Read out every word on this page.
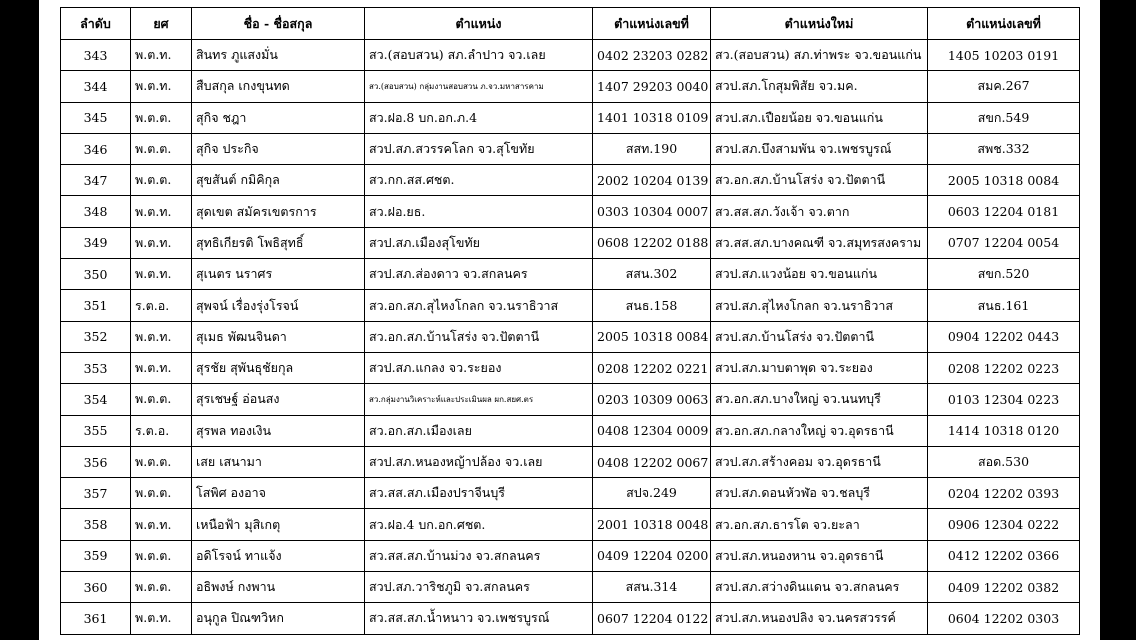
ลำดับ	ยศ	ชื่อ - ชื่อสกุล	ตำแหน่ง	ตำแหน่งเลขที่	ตำแหน่งใหม่	ตำแหน่งเลขที่
343	พ.ต.ท.	สินทร ภูแสงมั่น	สว.(สอบสวน) สภ.ลำปาว จว.เลย	0402 23203 0282	สว.(สอบสวน) สภ.ท่าพระ จว.ขอนแก่น	1405 10203 0191
344	พ.ต.ท.	สืบสกุล เกงขุนทด	สว.(สอบสวน) กลุ่มงานสอบสวน ภ.จว.มหาสารคาม	1407 29203 0040	สวป.สภ.โกสุมพิสัย จว.มค.	สมค.267
345	พ.ต.ต.	สุกิจ ชฎา	สว.ฝอ.8 บก.อก.ภ.4	1401 10318 0109	สวป.สภ.เปือยน้อย จว.ขอนแก่น	สขก.549
346	พ.ต.ต.	สุกิจ ประกิจ	สวป.สภ.สวรรคโลก จว.สุโขทัย	สสท.190	สวป.สภ.บึงสามพัน จว.เพชรบูรณ์	สพช.332
347	พ.ต.ต.	สุขสันต์ กมิคิกุล	สว.กก.สส.ศชต.	2002 10204 0139	สว.อก.สภ.บ้านโสร่ง จว.ปัตตานี	2005 10318 0084
348	พ.ต.ท.	สุดเขต สมัครเขตรการ	สว.ฝอ.ยธ.	0303 10304 0007	สว.สส.สภ.วังเจ้า จว.ตาก	0603 12204 0181
349	พ.ต.ท.	สุทธิเกียรติ โพธิสุทธิ์	สวป.สภ.เมืองสุโขทัย	0608 12202 0188	สว.สส.สภ.บางคณฑี จว.สมุทรสงคราม	0707 12204 0054
350	พ.ต.ท.	สุเนตร นราศร	สวป.สภ.ส่องดาว จว.สกลนคร	สสน.302	สวป.สภ.แวงน้อย จว.ขอนแก่น	สขก.520
351	ร.ต.อ.	สุพจน์ เรื่องรุ่งโรจน์	สว.อก.สภ.สุไหงโกลก จว.นราธิวาส	สนธ.158	สวป.สภ.สุไหงโกลก จว.นราธิวาส	สนธ.161
352	พ.ต.ท.	สุเมธ พัฒนจินดา	สว.อก.สภ.บ้านโสร่ง จว.ปัตตานี	2005 10318 0084	สวป.สภ.บ้านโสร่ง จว.ปัตตานี	0904 12202 0443
353	พ.ต.ท.	สุรชัย สุพันธุชัยกุล	สวป.สภ.แกลง จว.ระยอง	0208 12202 0221	สวป.สภ.มาบตาพุด จว.ระยอง	0208 12202 0223
354	พ.ต.ต.	สุรเชษฐ์ อ่อนสง	สว.กลุ่มงานวิเคราะห์และประเมินผล ผก.สยศ.ตร	0203 10309 0063	สว.อก.สภ.บางใหญ่ จว.นนทบุรี	0103 12304 0223
355	ร.ต.อ.	สุรพล ทองเงิน	สว.อก.สภ.เมืองเลย	0408 12304 0009	สว.อก.สภ.กลางใหญ่ จว.อุดรธานี	1414 10318 0120
356	พ.ต.ต.	เสย เสนามา	สวป.สภ.หนองหญ้าปล้อง จว.เลย	0408 12202 0067	สวป.สภ.สร้างคอม จว.อุดรธานี	สอด.530
357	พ.ต.ต.	โสพิศ องอาจ	สว.สส.สภ.เมืองปราจีนบุรี	สปจ.249	สวป.สภ.ดอนหัวฬ่อ จว.ชลบุรี	0204 12202 0393
358	พ.ต.ท.	เหนือฟ้า มุสิเกตุ	สว.ฝอ.4 บก.อก.ศชต.	2001 10318 0048	สว.อก.สภ.ธารโต จว.ยะลา	0906 12304 0222
359	พ.ต.ต.	อดิโรจน์ ทาแจ้ง	สว.สส.สภ.บ้านม่วง จว.สกลนคร	0409 12204 0200	สวป.สภ.หนองหาน จว.อุดรธานี	0412 12202 0366
360	พ.ต.ต.	อธิพงษ์ กงพาน	สวป.สภ.วาริชภูมิ จว.สกลนคร	สสน.314	สวป.สภ.สว่างดินแดน จว.สกลนคร	0409 12202 0382
361	พ.ต.ท.	อนุกูล ปิณฑวิหก	สว.สส.สภ.น้ำหนาว จว.เพชรบูรณ์	0607 12204 0122	สวป.สภ.หนองปลิง จว.นครสวรรค์	0604 12202 0303
